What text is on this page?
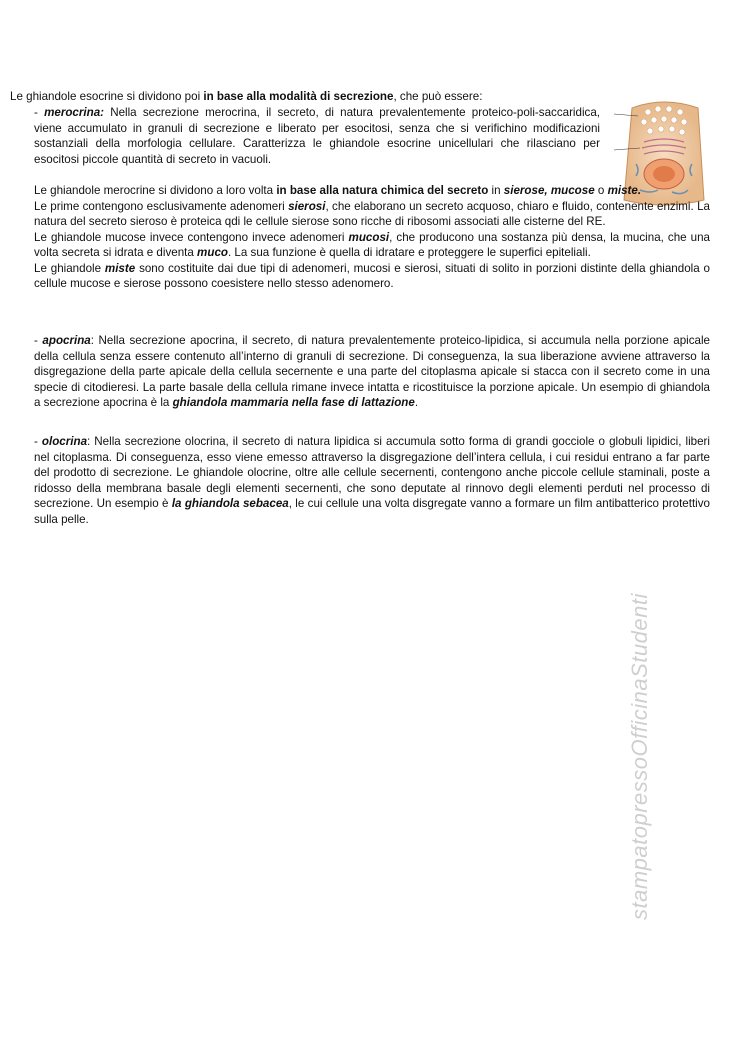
Le ghiandole esocrine si dividono poi in base alla modalità di secrezione, che può essere:

- merocrina: Nella secrezione merocrina, il secreto, di natura prevalentemente proteico-poli-saccaridica, viene accumulato in granuli di secrezione e liberato per esocitosi, senza che si verifichino modificazioni sostanziali della morfologia cellulare. Caratterizza le ghiandole esocrine unicellulari che rilasciano per esocitosi piccole quantità di secreto in vacuoli.

Le ghiandole merocrine si dividono a loro volta in base alla natura chimica del secreto in sierose, mucose o miste.

Le prime contengono esclusivamente adenomeri sierosi, che elaborano un secreto acquoso, chiaro e fluido, contenente enzimi. La natura del secreto sieroso è proteica qdi le cellule sierose sono ricche di ribosomi associati alle cisterne del RE.

Le ghiandole mucose invece contengono invece adenomeri mucosi, che producono una sostanza più densa, la mucina, che una volta secreta si idrata e diventa muco. La sua funzione è quella di idratare e proteggere le superfici epiteliali.

Le ghiandole miste sono costituite dai due tipi di adenomeri, mucosi e sierosi, situati di solito in porzioni distinte della ghiandola o cellule mucose e sierose possono coesistere nello stesso adenomero.

- apocrina: Nella secrezione apocrina, il secreto, di natura prevalentemente proteico-lipidica, si accumula nella porzione apicale della cellula senza essere contenuto all’interno di granuli di secrezione. Di conseguenza, la sua liberazione avviene attraverso la disgregazione della parte apicale della cellula secernente e una parte del citoplasma apicale si stacca con il secreto come in una specie di citodieresi. La parte basale della cellula rimane invece intatta e ricostituisce la porzione apicale. Un esempio di ghiandola a secrezione apocrina è la ghiandola mammaria nella fase di lattazione.

- olocrina: Nella secrezione olocrina, il secreto di natura lipidica si accumula sotto forma di grandi gocciole o globuli lipidici, liberi nel citoplasma. Di conseguenza, esso viene emesso attraverso la disgregazione dell’intera cellula, i cui residui entrano a far parte del prodotto di secrezione. Le ghiandole olocrine, oltre alle cellule secernenti, contengono anche piccole cellule staminali, poste a ridosso della membrana basale degli elementi secernenti, che sono deputate al rinnovo degli elementi perduti nel processo di secrezione. Un esempio è la ghiandola sebacea, le cui cellule una volta disgregate vanno a formare un film antibatterico protettivo sulla pelle.

stampatopressoOfficinaStudenti
